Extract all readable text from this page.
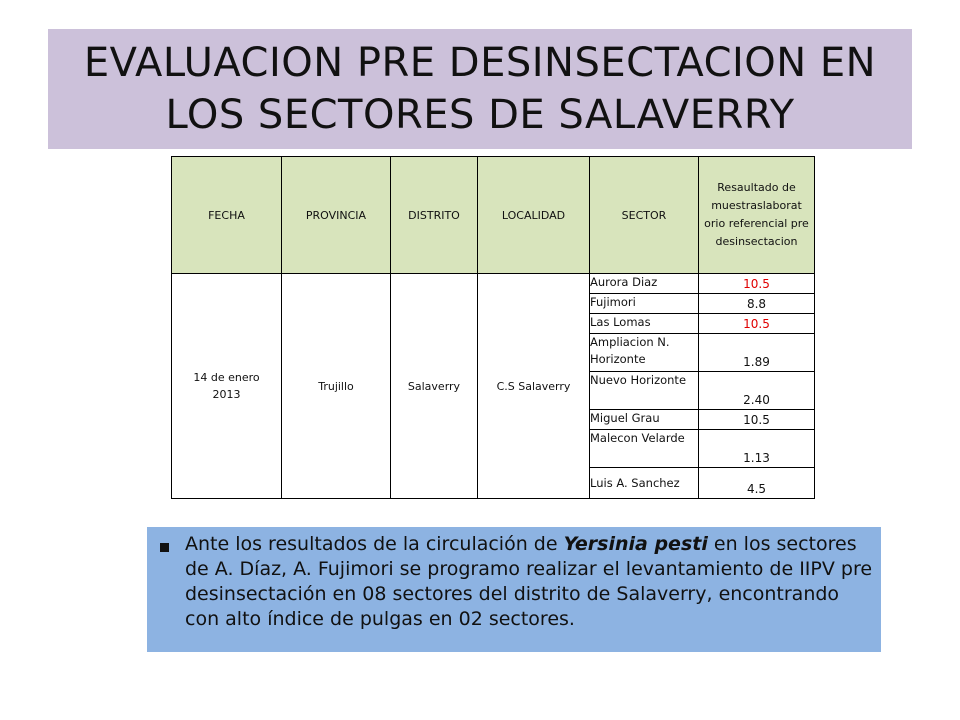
EVALUACION PRE DESINSECTACION EN
LOS SECTORES DE SALAVERRY
FECHA	PROVINCIA	DISTRITO	LOCALIDAD	SECTOR	Resaultado de muestraslaborat orio referencial pre desinsectacion

14 de enero 2013	Trujillo	Salaverry	C.S Salaverry	Aurora Diaz	10.5
				Fujimori	8.8
				Las Lomas	10.5
				Ampliacion N. Horizonte	1.89
				Nuevo Horizonte	2.40
				Miguel Grau	10.5
				Malecon Velarde	1.13
				Luis A. Sanchez	4.5
Ante los resultados de la circulación de Yersinia pesti en los sectores de A. Díaz, A. Fujimori se programo realizar el levantamiento de IIPV pre desinsectación en 08 sectores del distrito de Salaverry, encontrando con alto índice de pulgas en 02 sectores.
